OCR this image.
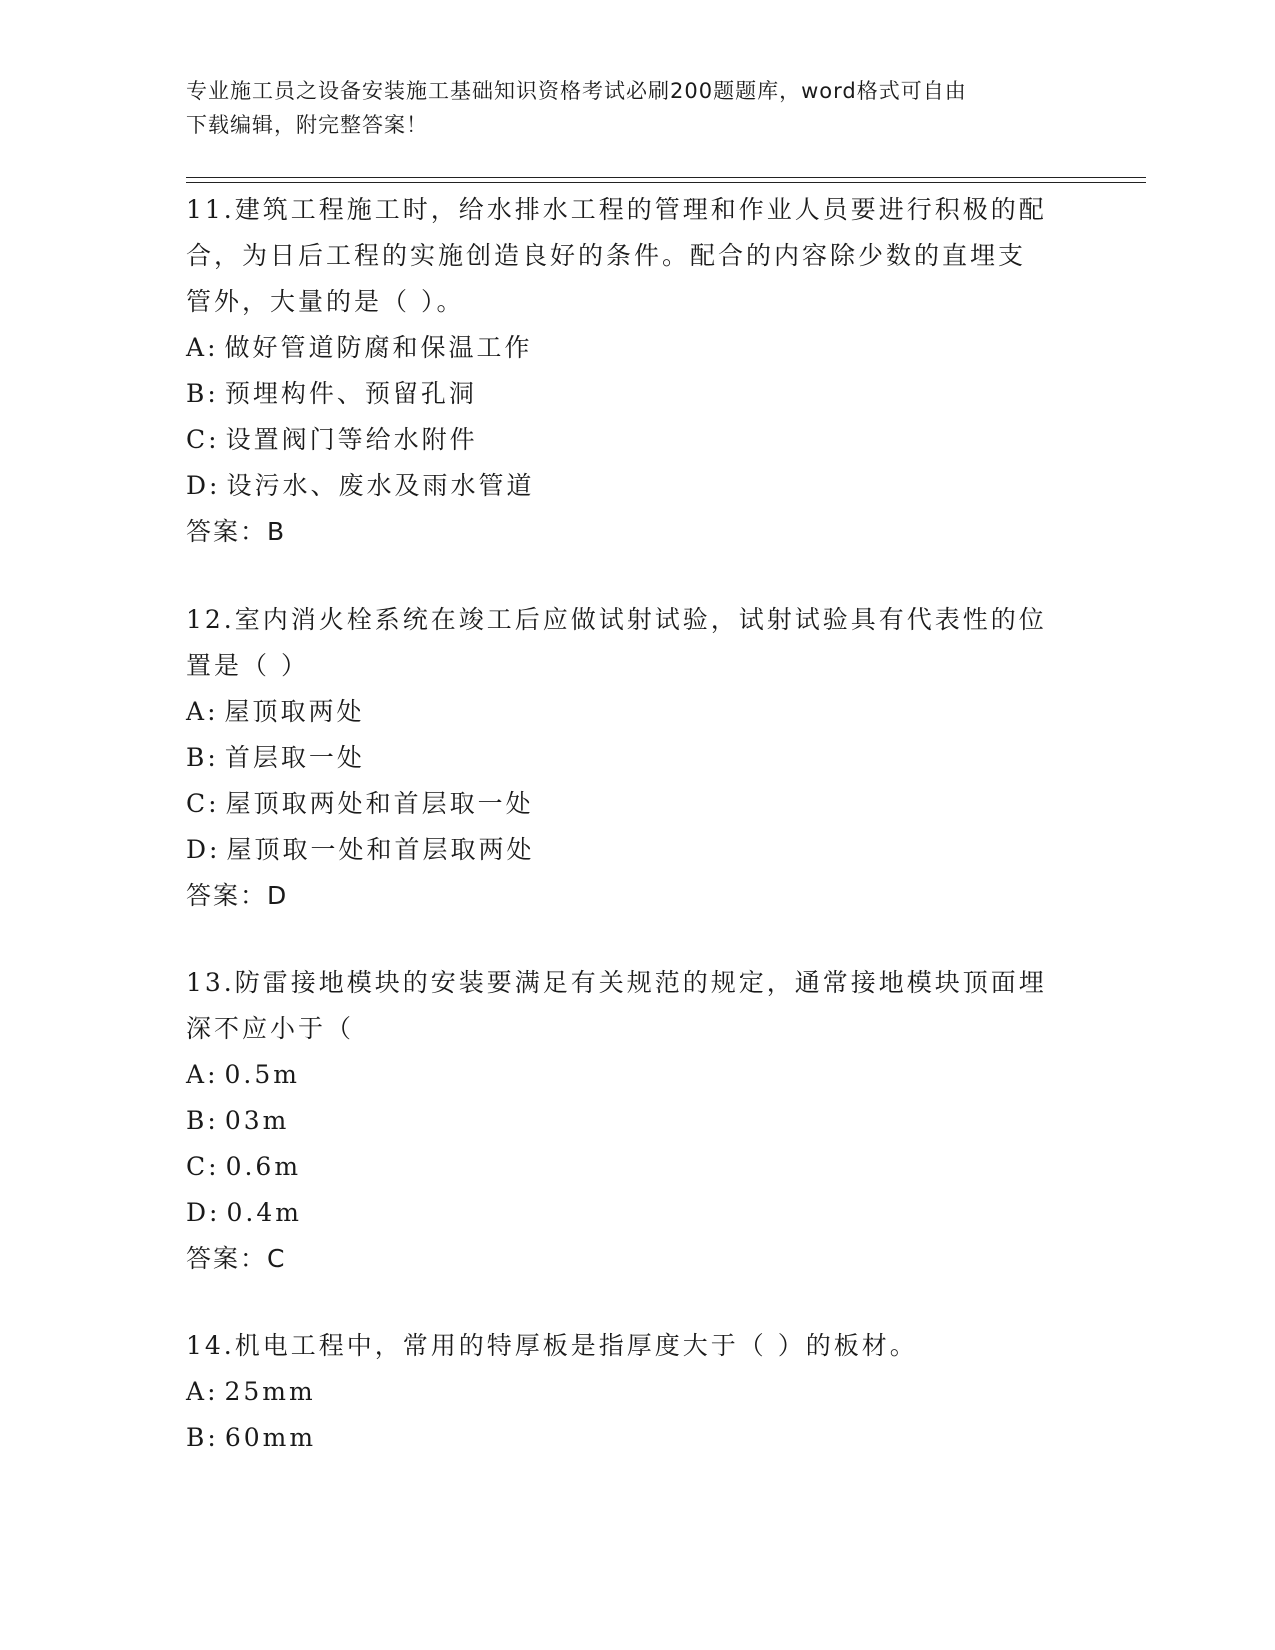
专业施工员之设备安装施工基础知识资格考试必刷200题题库，word格式可自由
下载编辑，附完整答案！
11.建筑工程施工时，给水排水工程的管理和作业人员要进行积极的配
合，为日后工程的实施创造良好的条件。配合的内容除少数的直埋支
管外，大量的是（ ）。
A: 做好管道防腐和保温工作
B: 预埋构件、预留孔洞
C: 设置阀门等给水附件
D: 设污水、废水及雨水管道
答案：B
12.室内消火栓系统在竣工后应做试射试验，试射试验具有代表性的位
置是（ ）
A: 屋顶取两处
B: 首层取一处
C: 屋顶取两处和首层取一处
D: 屋顶取一处和首层取两处
答案：D
13.防雷接地模块的安装要满足有关规范的规定，通常接地模块顶面埋
深不应小于（
A: 0.5m
B: 03m
C: 0.6m
D: 0.4m
答案：C
14.机电工程中，常用的特厚板是指厚度大于（ ）的板材。
A: 25mm
B: 60mm
